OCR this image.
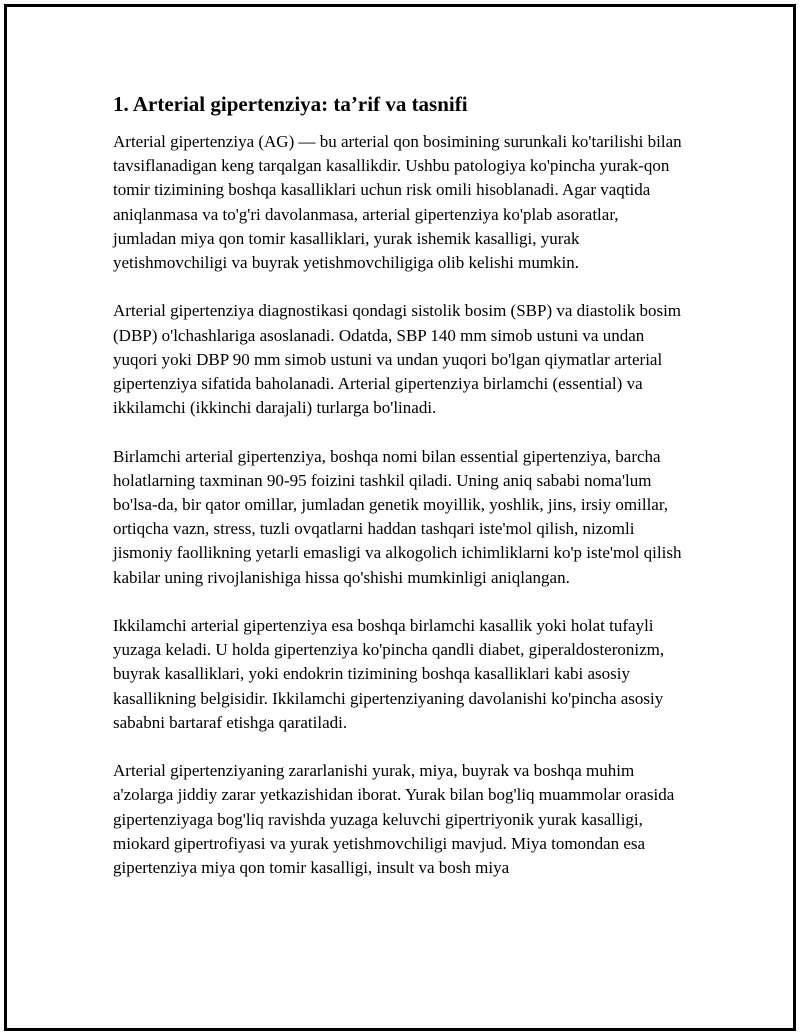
1. Arterial gipertenziya: ta’rif va tasnifi

Arterial gipertenziya (AG) — bu arterial qon bosimining surunkali ko'tarilishi bilan tavsiflanadigan keng tarqalgan kasallikdir. Ushbu patologiya ko'pincha yurak-qon tomir tizimining boshqa kasalliklari uchun risk omili hisoblanadi. Agar vaqtida aniqlanmasa va to'g'ri davolanmasa, arterial gipertenziya ko'plab asoratlar, jumladan miya qon tomir kasalliklari, yurak ishemik kasalligi, yurak yetishmovchiligi va buyrak yetishmovchiligiga olib kelishi mumkin.

Arterial gipertenziya diagnostikasi qondagi sistolik bosim (SBP) va diastolik bosim (DBP) o'lchashlariga asoslanadi. Odatda, SBP 140 mm simob ustuni va undan yuqori yoki DBP 90 mm simob ustuni va undan yuqori bo'lgan qiymatlar arterial gipertenziya sifatida baholanadi. Arterial gipertenziya birlamchi (essential) va ikkilamchi (ikkinchi darajali) turlarga bo'linadi.

Birlamchi arterial gipertenziya, boshqa nomi bilan essential gipertenziya, barcha holatlarning taxminan 90-95 foizini tashkil qiladi. Uning aniq sababi noma'lum bo'lsa-da, bir qator omillar, jumladan genetik moyillik, yoshlik, jins, irsiy omillar, ortiqcha vazn, stress, tuzli ovqatlarni haddan tashqari iste'mol qilish, nizomli jismoniy faollikning yetarli emasligi va alkogolich ichimliklarni ko'p iste'mol qilish kabilar uning rivojlanishiga hissa qo'shishi mumkinligi aniqlangan.

Ikkilamchi arterial gipertenziya esa boshqa birlamchi kasallik yoki holat tufayli yuzaga keladi. U holda gipertenziya ko'pincha qandli diabet, giperaldosteronizm, buyrak kasalliklari, yoki endokrin tizimining boshqa kasalliklari kabi asosiy kasallikning belgisidir. Ikkilamchi gipertenziyaning davolanishi ko'pincha asosiy sababni bartaraf etishga qaratiladi.

Arterial gipertenziyaning zararlanishi yurak, miya, buyrak va boshqa muhim a'zolarga jiddiy zarar yetkazishidan iborat. Yurak bilan bog'liq muammolar orasida gipertenziyaga bog'liq ravishda yuzaga keluvchi gipertriyonik yurak kasalligi, miokard gipertrofiyasi va yurak yetishmovchiligi mavjud. Miya tomondan esa gipertenziya miya qon tomir kasalligi, insult va bosh miya
